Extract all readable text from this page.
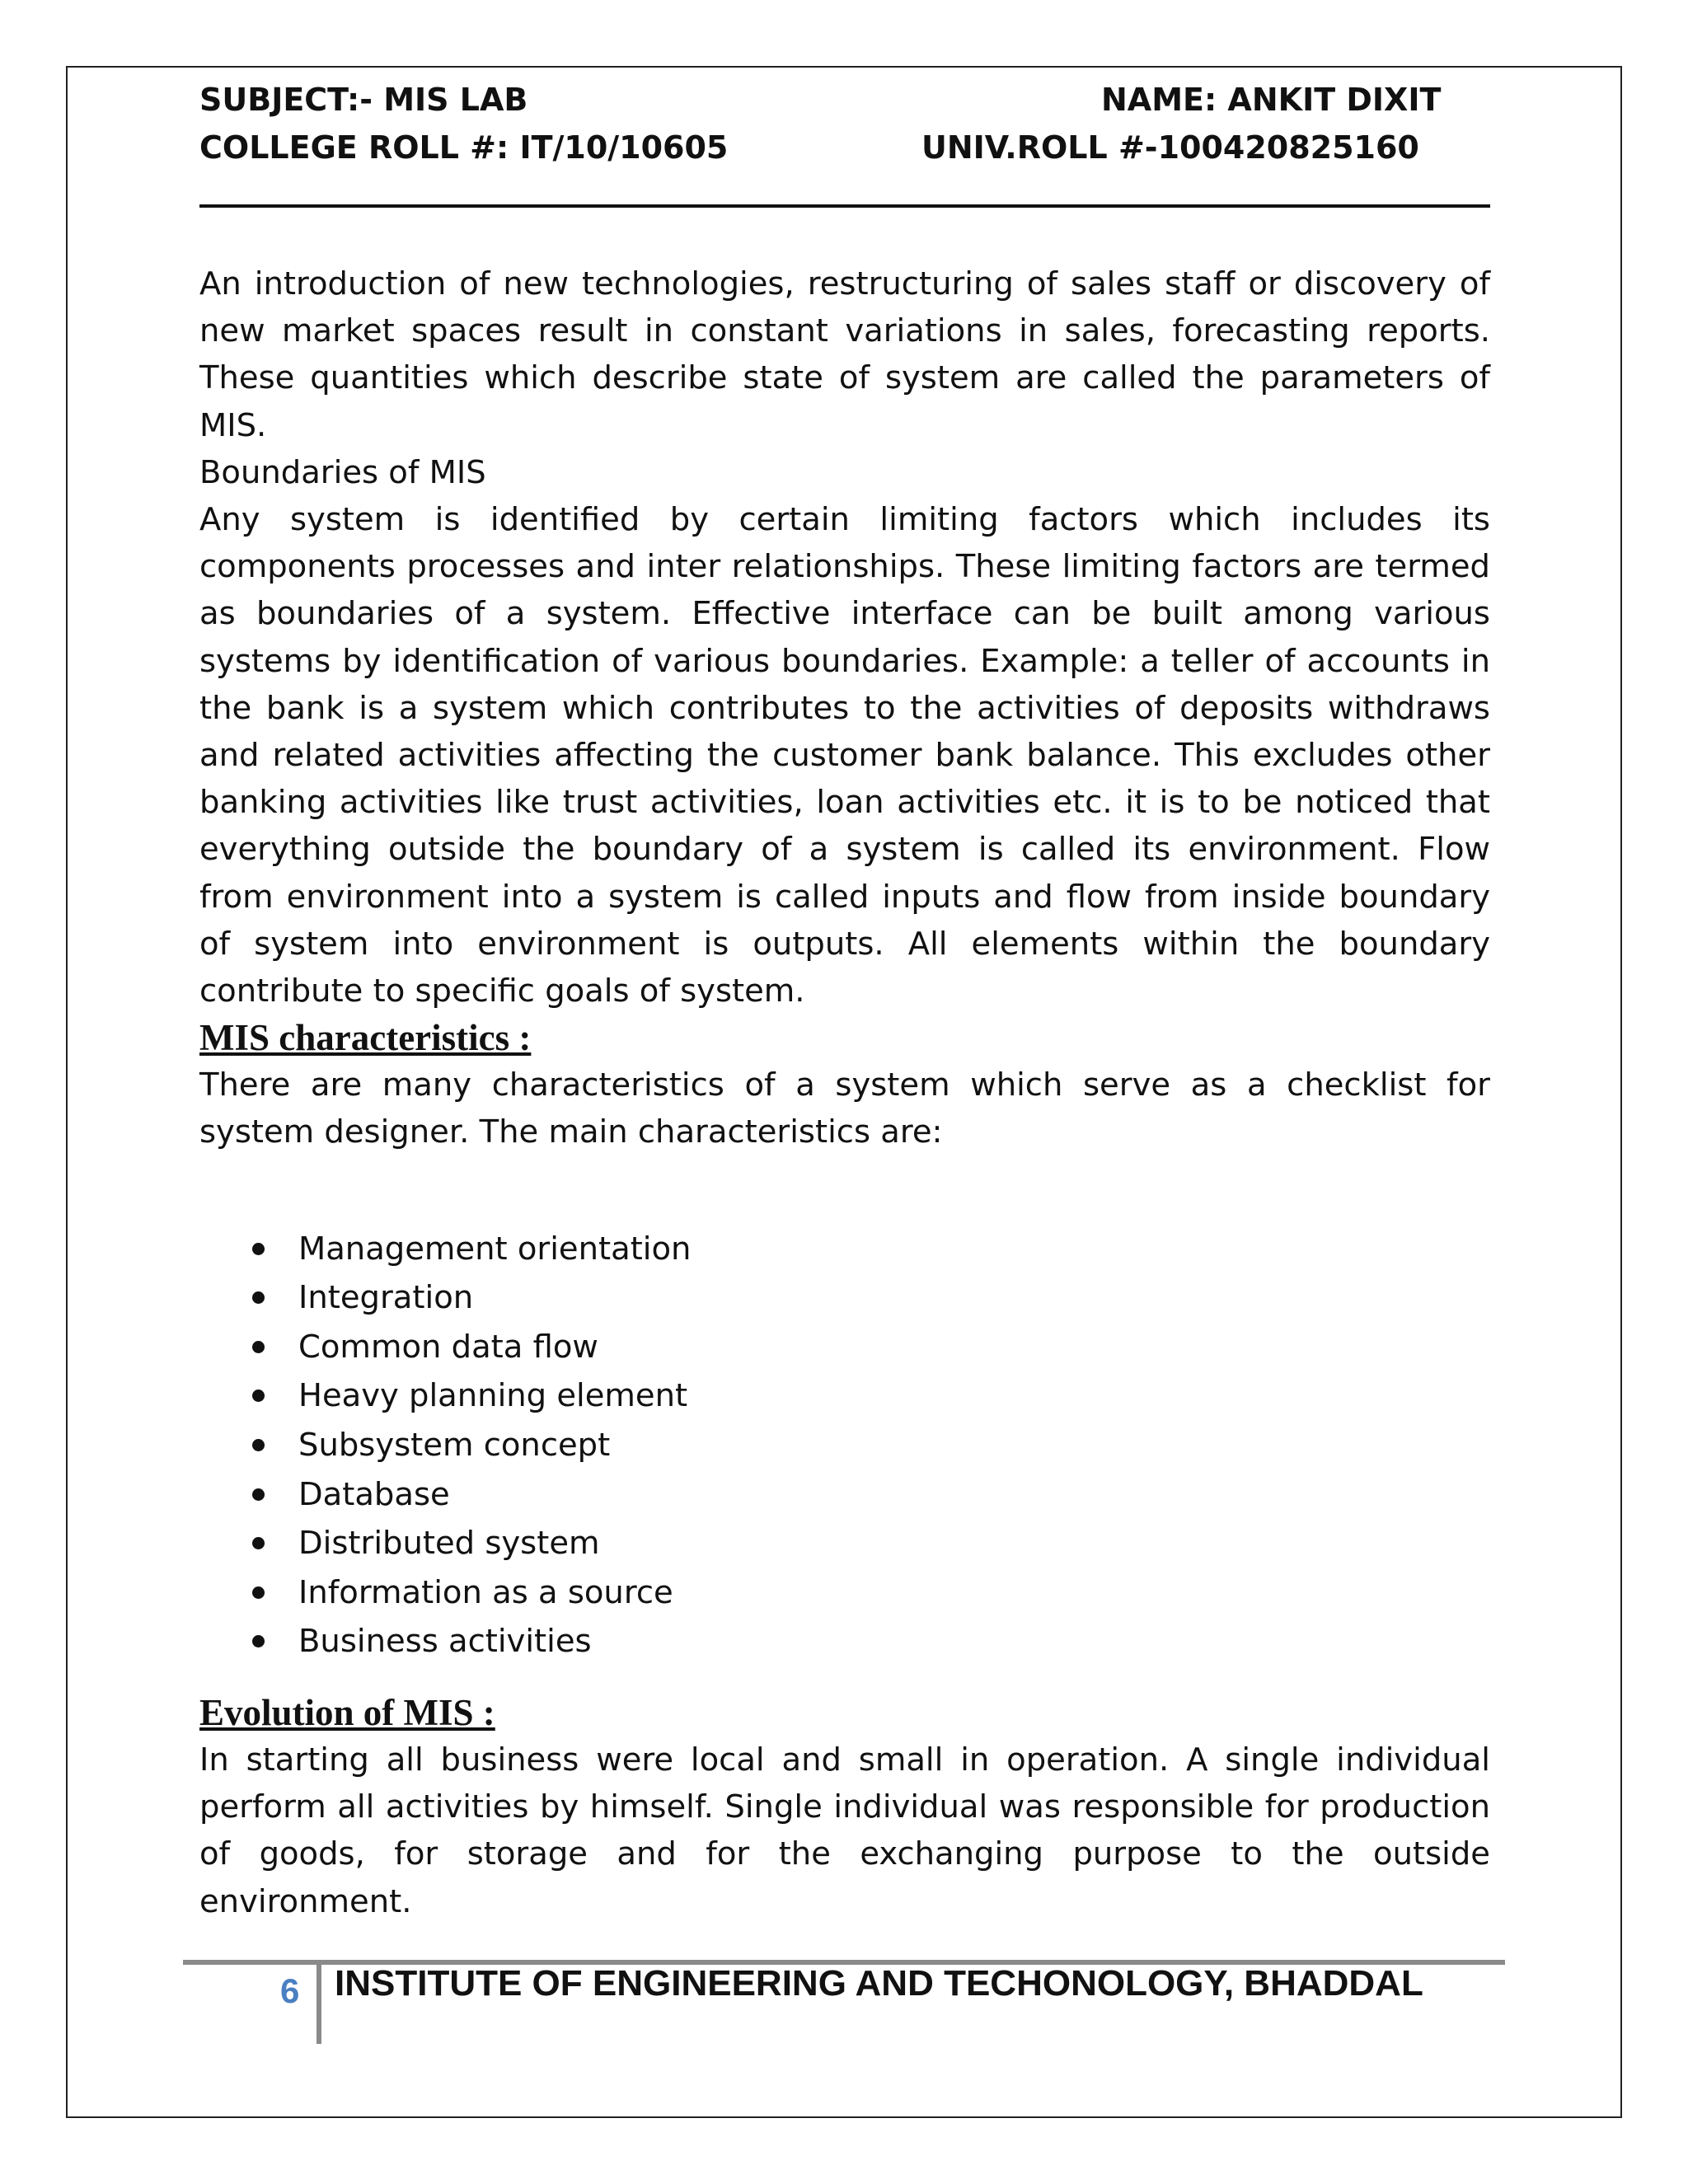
SUBJECT:- MIS LAB	NAME: ANKIT DIXIT
COLLEGE ROLL #: IT/10/10605	UNIV.ROLL #-100420825160

An introduction of new technologies, restructuring of sales staff or discovery of new market spaces result in constant variations in sales, forecasting reports. These quantities which describe state of system are called the parameters of MIS.

Boundaries of MIS

Any system is identified by certain limiting factors which includes its components processes and inter relationships. These limiting factors are termed as boundaries of a system. Effective interface can be built among various systems by identification of various boundaries. Example: a teller of accounts in the bank is a system which contributes to the activities of deposits withdraws and related activities affecting the customer bank balance. This excludes other banking activities like trust activities, loan activities etc. it is to be noticed that everything outside the boundary of a system is called its environment. Flow from environment into a system is called inputs and flow from inside boundary of system into environment is outputs. All elements within the boundary contribute to specific goals of system.

MIS characteristics :

There are many characteristics of a system which serve as a checklist for system designer. The main characteristics are:

Management orientation
Integration
Common data flow
Heavy planning element
Subsystem concept
Database
Distributed system
Information as a source
Business activities

Evolution of MIS :

In starting all business were local and small in operation. A single individual perform all activities by himself. Single individual was responsible for production of goods, for storage and for the exchanging purpose to the outside environment.

6 INSTITUTE OF ENGINEERING AND TECHONOLOGY, BHADDAL
